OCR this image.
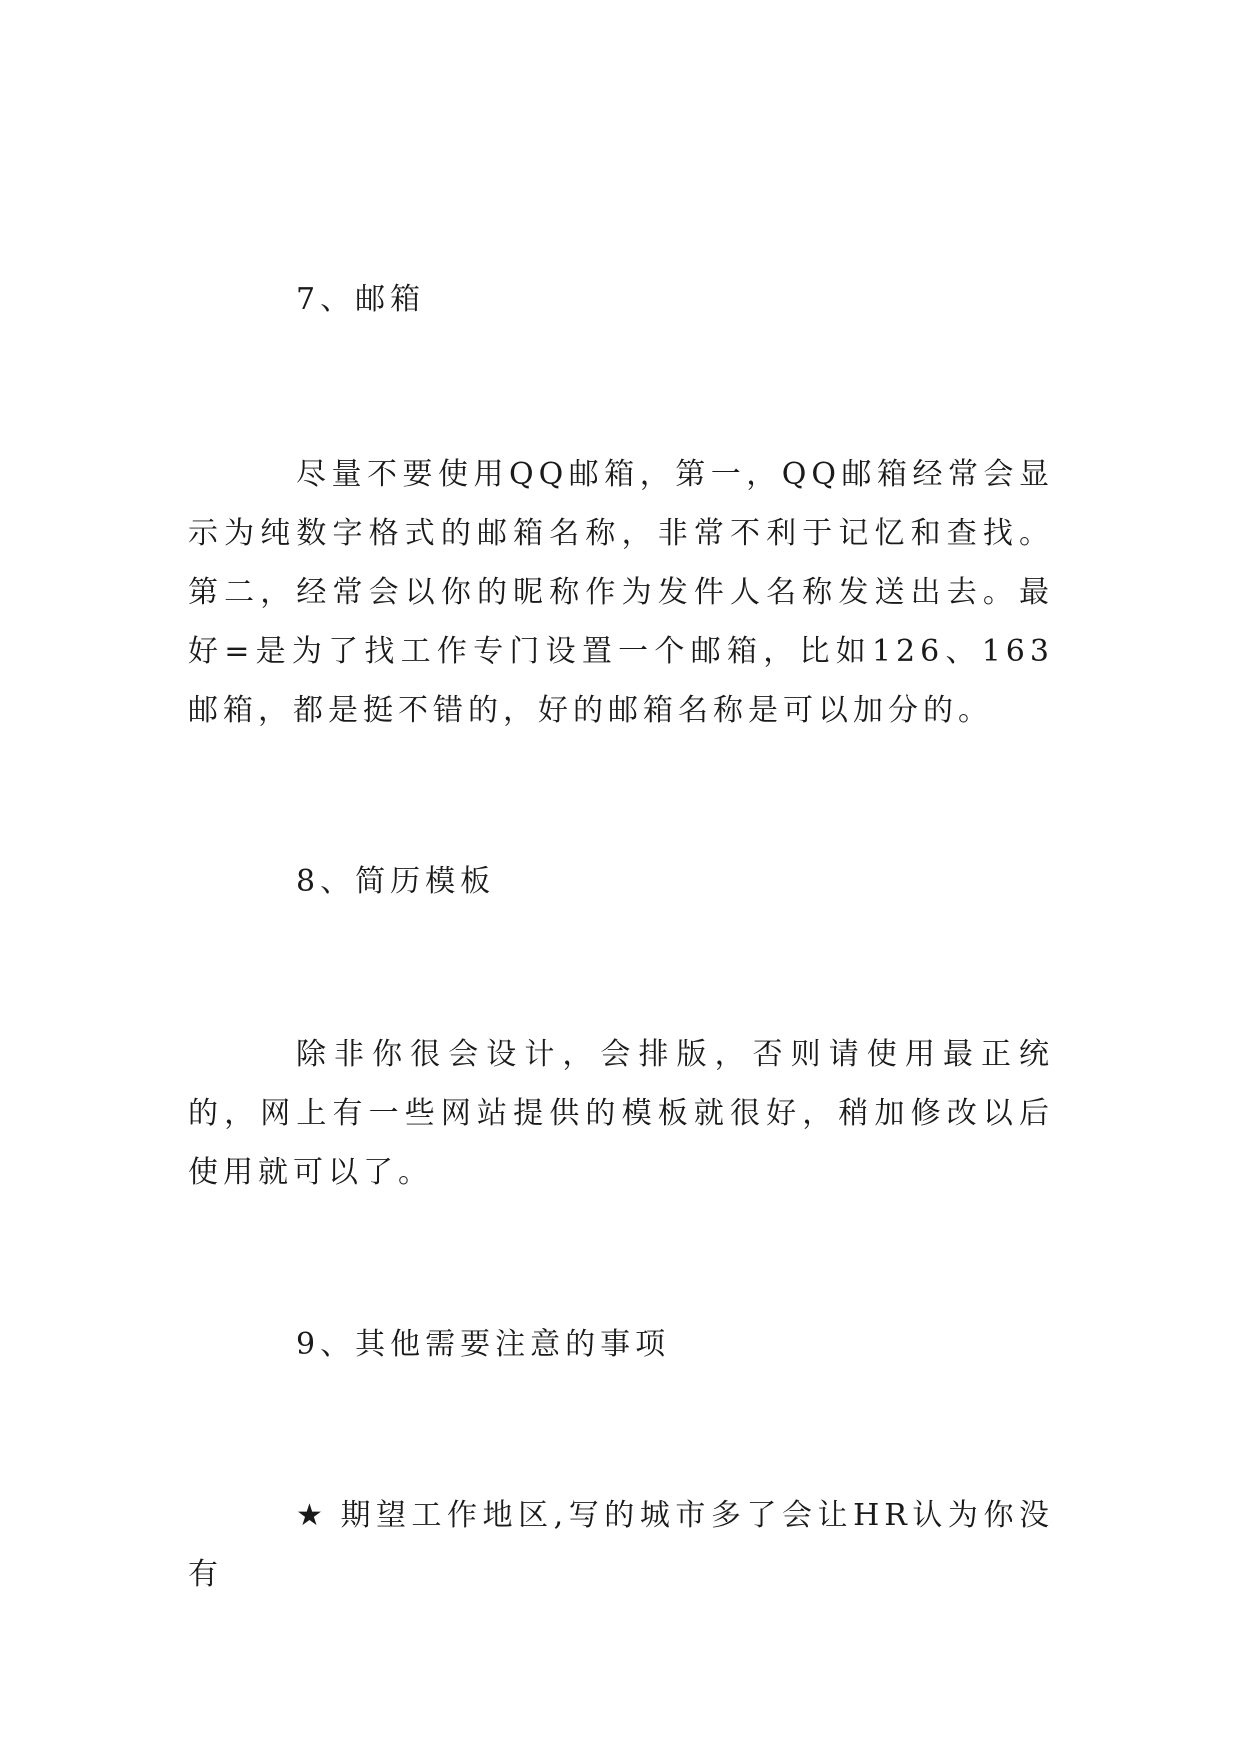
7、邮箱

尽量不要使用QQ邮箱，第一，QQ邮箱经常会显示为纯数字格式的邮箱名称，非常不利于记忆和查找。第二，经常会以你的昵称作为发件人名称发送出去。最好=是为了找工作专门设置一个邮箱，比如126、163邮箱，都是挺不错的，好的邮箱名称是可以加分的。

8、简历模板

除非你很会设计，会排版，否则请使用最正统的，网上有一些网站提供的模板就很好，稍加修改以后使用就可以了。

9、其他需要注意的事项

★ 期望工作地区,写的城市多了会让HR认为你没有
